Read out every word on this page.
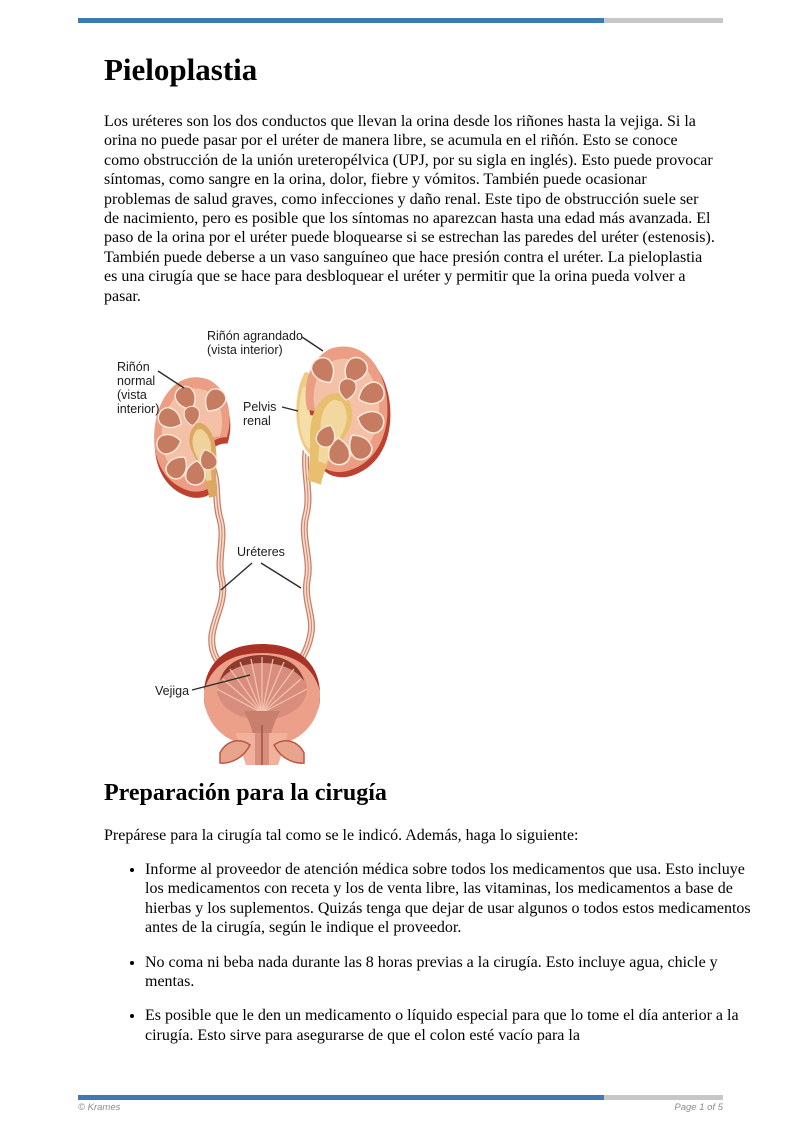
Pieloplastia

Los uréteres son los dos conductos que llevan la orina desde los riñones hasta la vejiga. Si la orina no puede pasar por el uréter de manera libre, se acumula en el riñón. Esto se conoce como obstrucción de la unión ureteropélvica (UPJ, por su sigla en inglés). Esto puede provocar síntomas, como sangre en la orina, dolor, fiebre y vómitos. También puede ocasionar problemas de salud graves, como infecciones y daño renal. Este tipo de obstrucción suele ser de nacimiento, pero es posible que los síntomas no aparezcan hasta una edad más avanzada. El paso de la orina por el uréter puede bloquearse si se estrechan las paredes del uréter (estenosis). También puede deberse a un vaso sanguíneo que hace presión contra el uréter. La pieloplastia es una cirugía que se hace para desbloquear el uréter y permitir que la orina pueda volver a pasar.

Riñón agrandado
(vista interior)
Riñón
normal
(vista
interior)	Pelvis
renal
Uréteres
Vejiga
Preparación para la cirugía

Prepárese para la cirugía tal como se le indicó. Además, haga lo siguiente:

• Informe al proveedor de atención médica sobre todos los medicamentos que usa. Esto incluye los medicamentos con receta y los de venta libre, las vitaminas, los medicamentos a base de hierbas y los suplementos. Quizás tenga que dejar de usar algunos o todos estos medicamentos antes de la cirugía, según le indique el proveedor.
• No coma ni beba nada durante las 8 horas previas a la cirugía. Esto incluye agua, chicle y mentas.
• Es posible que le den un medicamento o líquido especial para que lo tome el día anterior a la cirugía. Esto sirve para asegurarse de que el colon esté vacío para la
© Krames	Page 1 of 5
